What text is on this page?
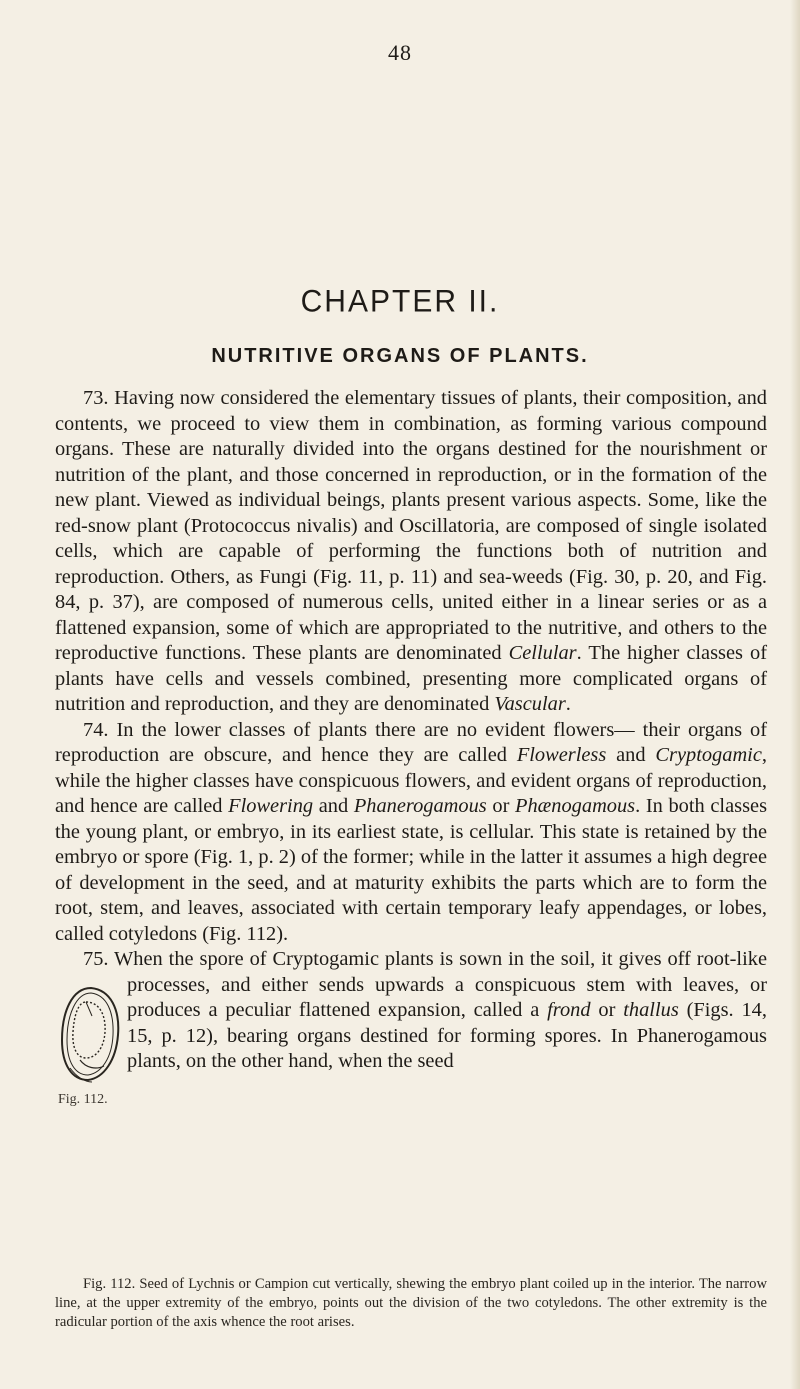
48
CHAPTER II.
NUTRITIVE ORGANS OF PLANTS.

73. Having now considered the elementary tissues of plants, their composition, and contents, we proceed to view them in combination, as forming various compound organs. These are naturally divided into the organs destined for the nourishment or nutrition of the plant, and those concerned in reproduction, or in the formation of the new plant. Viewed as individual beings, plants present various aspects. Some, like the red-snow plant (Protococcus nivalis) and Oscillatoria, are composed of single isolated cells, which are capable of performing the functions both of nutrition and reproduction. Others, as Fungi (Fig. 11, p. 11) and sea-weeds (Fig. 30, p. 20, and Fig. 84, p. 37), are composed of numerous cells, united either in a linear series or as a flattened expansion, some of which are appropriated to the nutritive, and others to the reproductive functions. These plants are denominated Cellular. The higher classes of plants have cells and vessels combined, presenting more complicated organs of nutrition and reproduction, and they are denominated Vascular.

74. In the lower classes of plants there are no evident flowers— their organs of reproduction are obscure, and hence they are called Flowerless and Cryptogamic, while the higher classes have conspicuous flowers, and evident organs of reproduction, and hence are called Flowering and Phanerogamous or Phænogamous
. In both classes the young plant, or embryo, in its earliest state, is cellular. This state is retained by the embryo or spore (Fig. 1, p. 2) of the former; while in the latter it assumes a high degree of development in the seed, and at maturity exhibits the parts which are to form the root, stem, and leaves, associated with certain temporary leafy appendages, or lobes, called cotyledons (Fig. 112).

75. When the spore of Cryptogamic plants is sown in the soil, it gives off root-like processes, and either sends upwards a conspicuous stem with leaves, or produces a peculiar flattened expansion, called a frond or thallus (Figs. 14, 15, p. 12), bearing organs destined for forming spores. In Phanerogamous plants, on the other hand, when the seed

Fig. 112.

Fig. 112. Seed of Lychnis or Campion cut vertically, shewing the embryo plant coiled up in the interior. The narrow line, at the upper extremity of the embryo, points out the division of the two cotyledons. The other extremity is the radicular portion of the axis whence the root arises.
